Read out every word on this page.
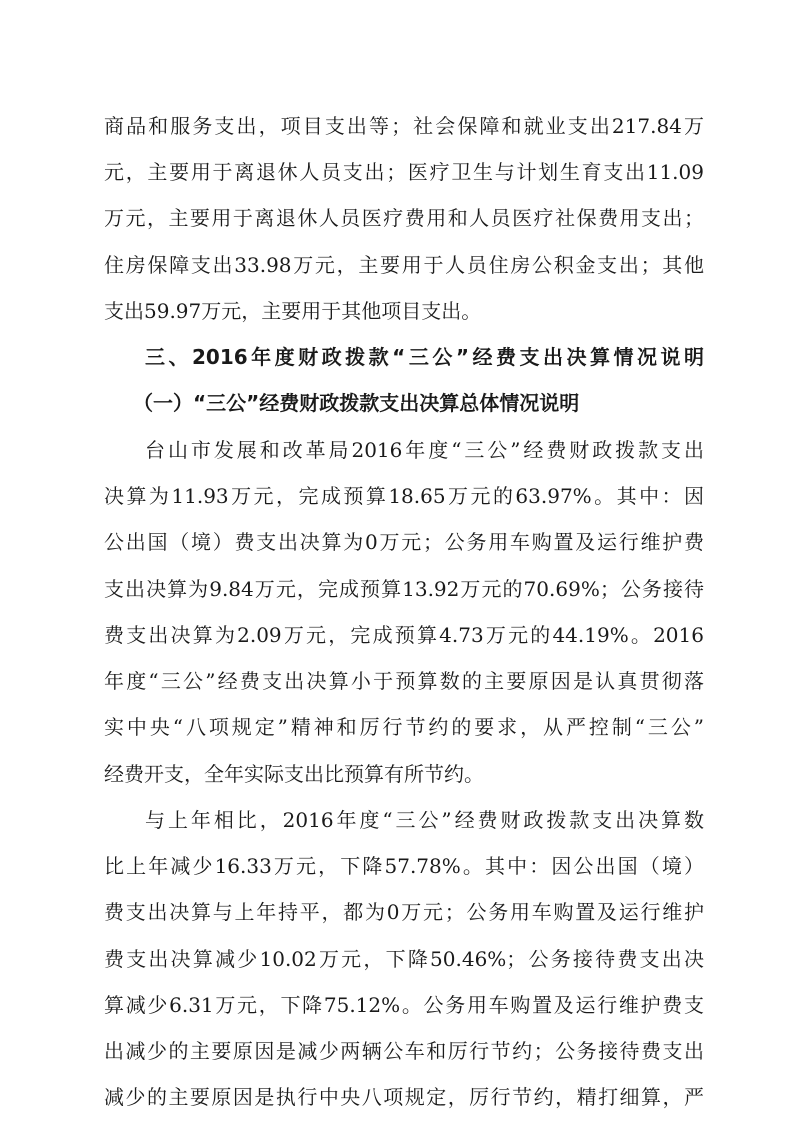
商品和服务支出，项目支出等；社会保障和就业支出217.84万
元，主要用于离退休人员支出；医疗卫生与计划生育支出11.09
万元，主要用于离退休人员医疗费用和人员医疗社保费用支出；
住房保障支出33.98万元，主要用于人员住房公积金支出；其他
支出59.97万元，主要用于其他项目支出。
三、2016年度财政拨款“三公”经费支出决算情况说明
（一）“三公”经费财政拨款支出决算总体情况说明
台山市发展和改革局2016年度“三公”经费财政拨款支出
决算为11.93万元，完成预算18.65万元的63.97%。其中：因
公出国（境）费支出决算为0万元；公务用车购置及运行维护费
支出决算为9.84万元，完成预算13.92万元的70.69%；公务接待
费支出决算为2.09万元，完成预算4.73万元的44.19%。2016
年度“三公”经费支出决算小于预算数的主要原因是认真贯彻落
实中央“八项规定”精神和厉行节约的要求，从严控制“三公”
经费开支，全年实际支出比预算有所节约。
与上年相比，2016年度“三公”经费财政拨款支出决算数
比上年减少16.33万元，下降57.78%。其中：因公出国（境）
费支出决算与上年持平，都为0万元；公务用车购置及运行维护
费支出决算减少10.02万元，下降50.46%；公务接待费支出决
算减少6.31万元，下降75.12%。公务用车购置及运行维护费支
出减少的主要原因是减少两辆公车和厉行节约；公务接待费支出
减少的主要原因是执行中央八项规定，厉行节约，精打细算，严
